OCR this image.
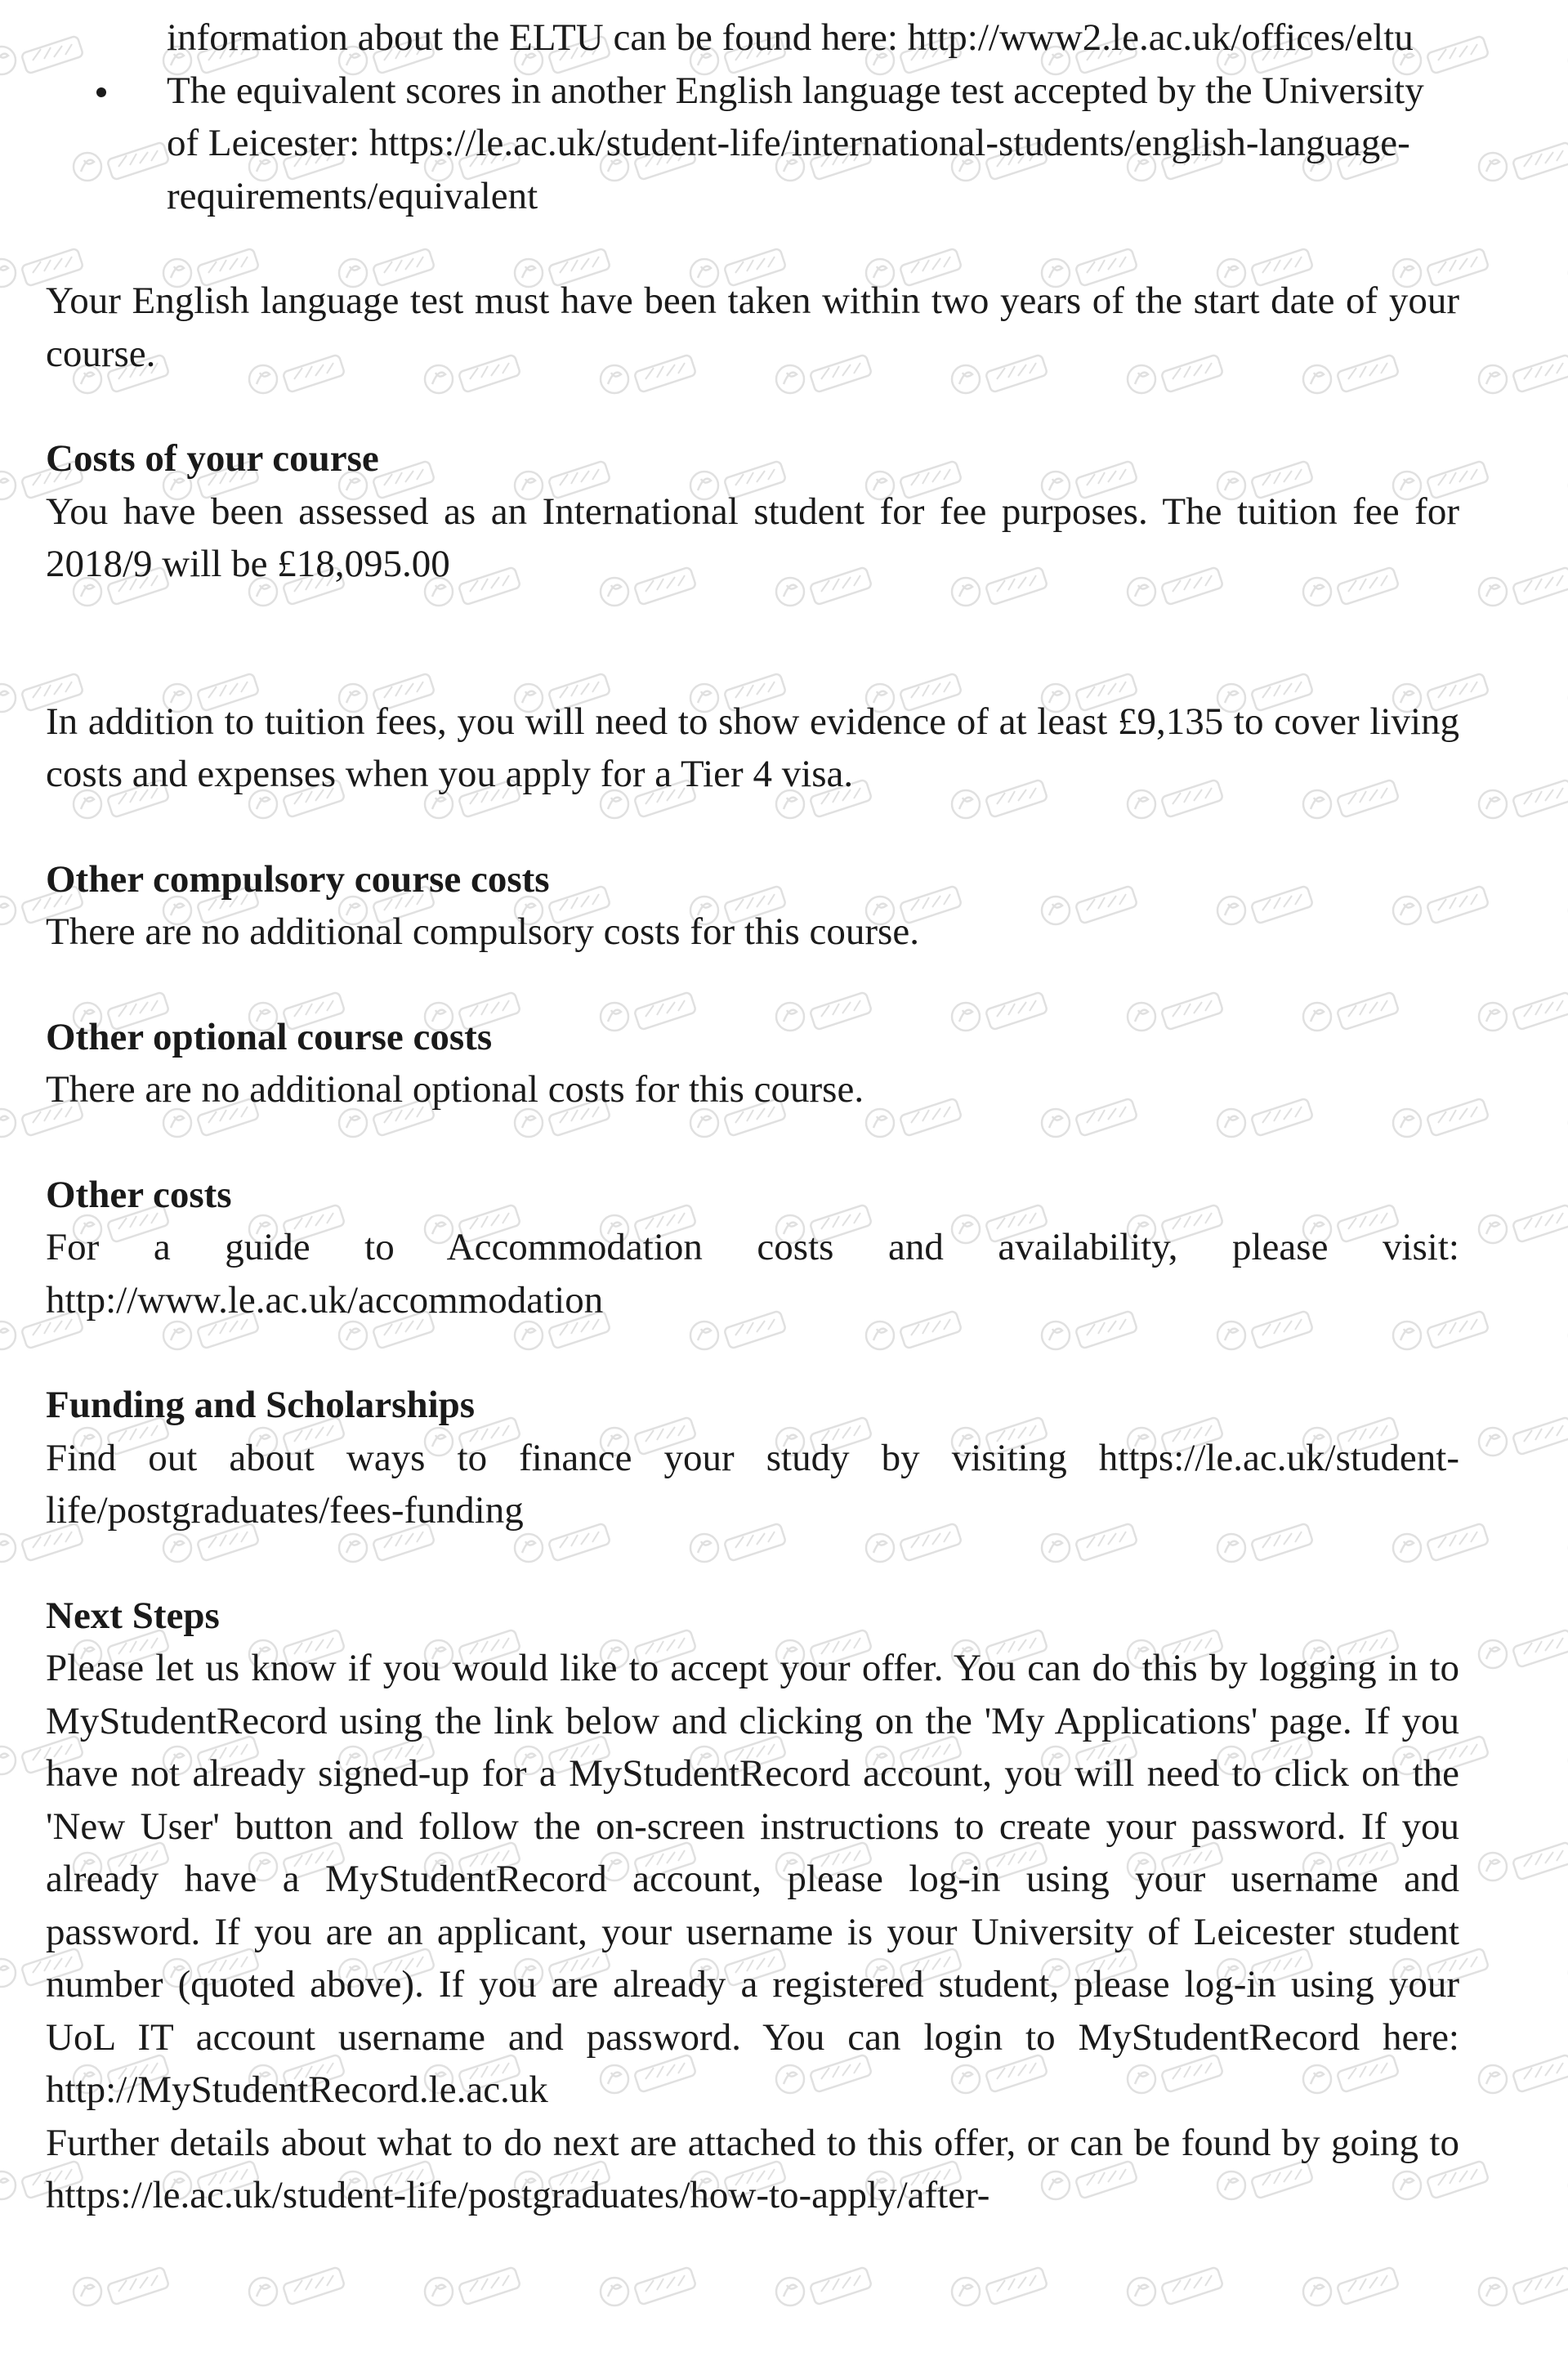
information about the ELTU can be found here: http://www2.le.ac.uk/offices/eltu

The equivalent scores in another English language test accepted by the University of Leicester: https://le.ac.uk/student-life/international-students/english-language-requirements/equivalent

Your English language test must have been taken within two years of the start date of your course.

Costs of your course

You have been assessed as an International student for fee purposes. The tuition fee for 2018/9 will be £18,095.00

In addition to tuition fees, you will need to show evidence of at least £9,135 to cover living costs and expenses when you apply for a Tier 4 visa.

Other compulsory course costs

There are no additional compulsory costs for this course.

Other optional course costs

There are no additional optional costs for this course.

Other costs

For a guide to Accommodation costs and availability, please visit: http://www.le.ac.uk/accommodation

Funding and Scholarships

Find out about ways to finance your study by visiting https://le.ac.uk/student-life/postgraduates/fees-funding

Next Steps

Please let us know if you would like to accept your offer. You can do this by logging in to MyStudentRecord using the link below and clicking on the 'My Applications' page. If you have not already signed-up for a MyStudentRecord account, you will need to click on the 'New User' button and follow the on-screen instructions to create your password. If you already have a MyStudentRecord account, please log-in using your username and password. If you are an applicant, your username is your University of Leicester student number (quoted above). If you are already a registered student, please log-in using your UoL IT account username and password. You can login to MyStudentRecord here: http://MyStudentRecord.le.ac.uk

Further details about what to do next are attached to this offer, or can be found by going to https://le.ac.uk/student-life/postgraduates/how-to-apply/after-
